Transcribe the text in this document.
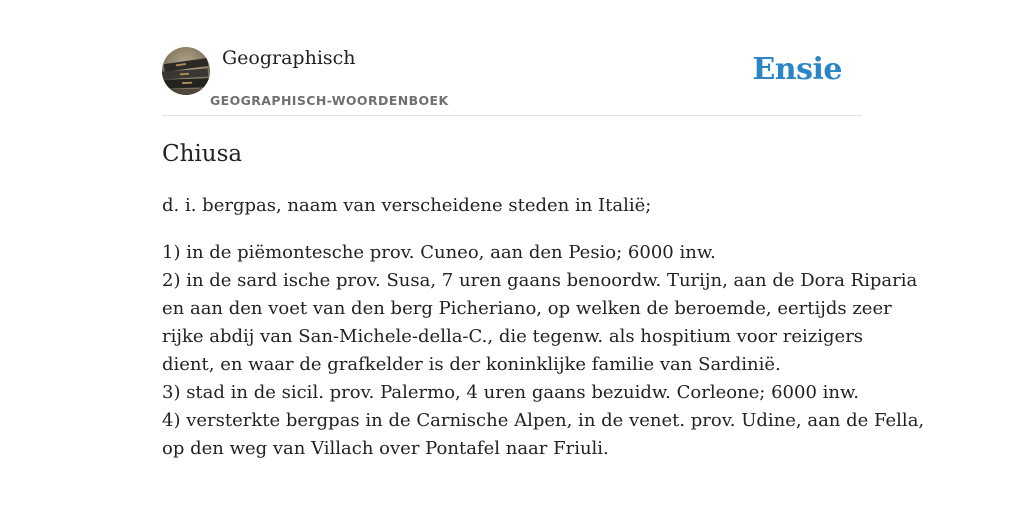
Geographisch
GEOGRAPHISCH-WOORDENBOEK
Ensie
Chiusa

d. i. bergpas, naam van verscheidene steden in Italië;

1) in de piëmontesche prov. Cuneo, aan den Pesio; 6000 inw.
2) in de sard ische prov. Susa, 7 uren gaans benoordw. Turijn, aan de Dora Riparia
en aan den voet van den berg Picheriano, op welken de beroemde, eertijds zeer
rijke abdij van San-Michele-della-C., die tegenw. als hospitium voor reizigers
dient, en waar de grafkelder is der koninklijke familie van Sardinië.
3) stad in de sicil. prov. Palermo, 4 uren gaans bezuidw. Corleone; 6000 inw.
4) versterkte bergpas in de Carnische Alpen, in de venet. prov. Udine, aan de Fella,
op den weg van Villach over Pontafel naar Friuli.
